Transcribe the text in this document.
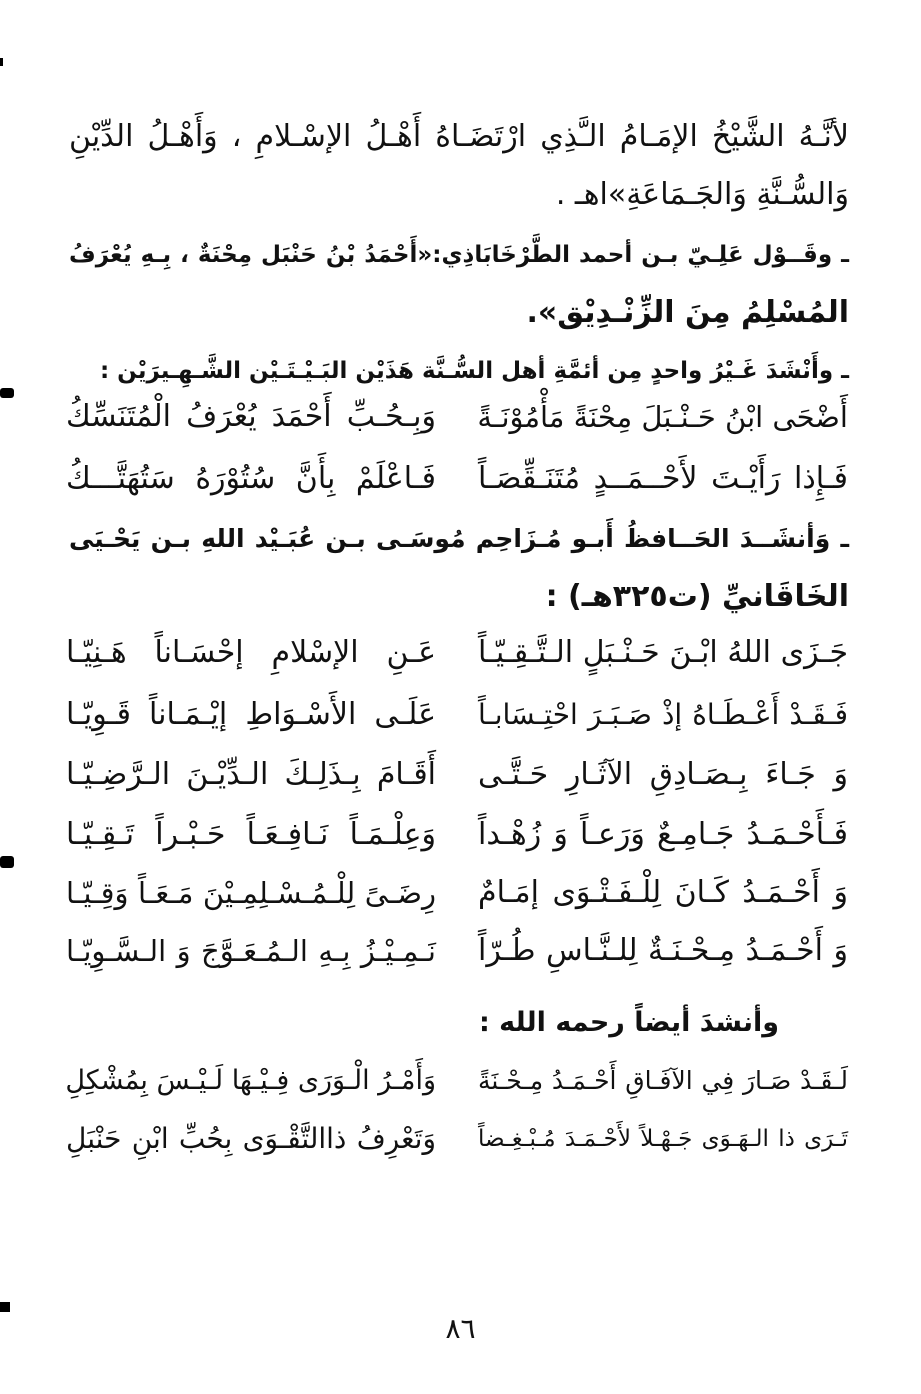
لأنَّـهُ الشَّيْخُ الإمَـامُ الـَّذِي ارْتَضَـاهُ أَهْـلُ الإسْـلامِ ، وَأَهْـلُ الدِّيْنِ
وَالسُّـنَّةِ وَالجَـمَاعَةِ»اهـ .
ـ وقَــوْل عَلِـيّ بـن أحمد الطَّرْخَابَاذِي:«أَحْمَدُ بْنُ حَنْبَل مِحْنَةٌ ، بِـهِ يُعْرَفُ
المُسْلِمُ مِنَ الزِّنْـدِيْق».
ـ وأَنْشَدَ غَـيْرُ واحدٍ مِن أئمَّةِ أهل السُّـنَّة هَذَيْن البَـيْـتَـيْن الشَّـهِـيرَيْن :
أَضْحَى ابْنُ حَـنْـبَلَ مِحْنَةً مَأْمُوْنَـةً
وَبِـحُـبِّ أَحْمَدَ يُعْرَفُ الْمُتَنَسِّكُ
فَـإِذا رَأَيْـتَ لأَحْــمَــدٍ مُتَنَـقِّصَـاً
فَـاعْلَمْ بِأَنَّ سُتُوْرَهُ سَتُهَتَّـــكُ
ـ وَأنشَــدَ الحَــافظُ أَبـو مُـزَاحِم مُوسَـى بـن عُبَـيْد اللهِ بـن يَحْـيَى
الخَاقَانيِّ (ت٣٢٥هـ) :
جَـزَى اللهُ ابْـنَ حَـنْـبَلٍ الـتَّـقِـيّـاً
عَـنِ الإسْلامِ إحْسَـاناً هَـنِيّـا
فَـقَـدْ أَعْـطَـاهُ إذْ صَـبَـرَ احْتِـسَابـاً
عَلَـى الأَسْـوَاطِ إيْـمَـاناً قَـوِيّـا
وَ جَـاءَ بِـصَـادِقِ الآثَـارِ حَـتَّـى
أَقَـامَ بِـذَلِـكَ الـدِّيْـنَ الـرَّضِـيّـا
فَـأَحْـمَـدُ جَـامِـعٌ وَرَعـاً وَ زُهْـداً
وَعِلْـمَـاً نَـافِـعَـاً حَـبْـراً تَـقِـيّـا
وَ أَحْـمَـدُ كَـانَ لِلْـفَـتْـوَى إمَـامٌ
رِضَـىً لِلْـمُـسْـلِمِـيْنَ مَـعَـاً وَقِـيّـا
وَ أَحْـمَـدُ مِـحْـنَـةٌ لِلـنَّـاسِ طُـرّاً
نَـمِـيْـزُ بِـهِ الـمُـعَـوَّجَ وَ الـسَّـوِيّـا
وأنشدَ أيضاً رحمه الله :
لَـقَـدْ صَـارَ فِي الآفَـاقِ أَحْـمَـدُ مِـحْـنَةً
وَأَمْـرُ الْـوَرَى فِـيْـهَا لَـيْـسَ بِمُشْكِلِ
تَـرَى ذا الـهَـوَى جَـهْـلاً لأَحْـمَـدَ مُـبْـغِـضاً
وَتَعْرِفُ ذاالتَّقْـوَى بِحُبِّ ابْنِ حَنْبَلِ
٨٦
